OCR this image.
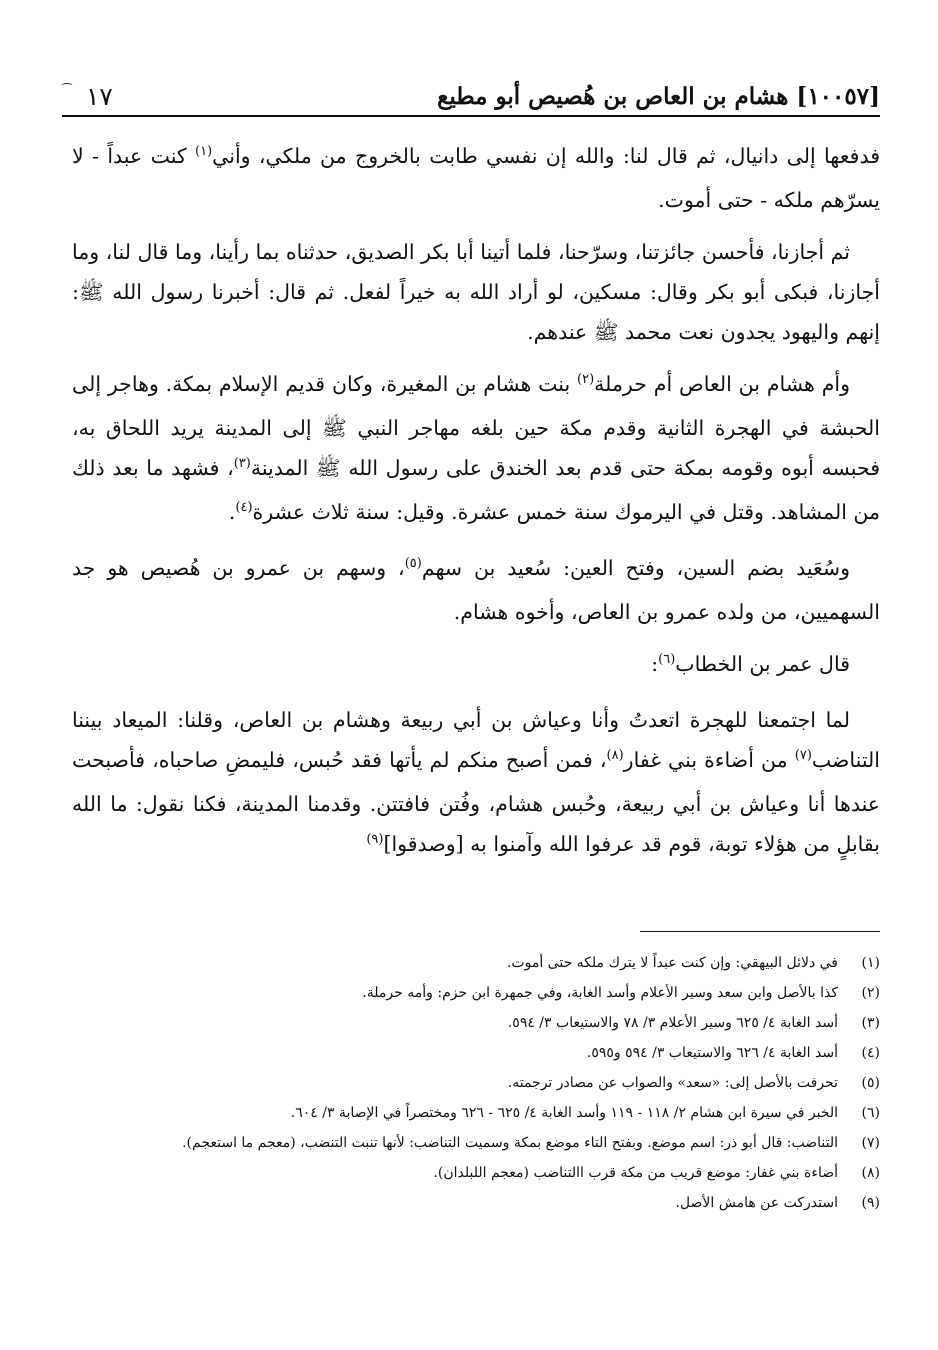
[١٠٠٥٧] هشام بن العاص بن هُصيص أبو مطيع
١٧
⁀

فدفعها إلى دانيال، ثم قال لنا: والله إن نفسي طابت بالخروج من ملكي، وأني$^{(١)}$ كنت عبداً - لا يسرّهم ملكه - حتى أموت.

ثم أجازنا، فأحسن جائزتنا، وسرّحنا، فلما أتينا أبا بكر الصديق، حدثناه بما رأينا، وما قال لنا، وما أجازنا، فبكى أبو بكر وقال: مسكين، لو أراد الله به خيراً لفعل. ثم قال: أخبرنا رسول الله ﷺ: إنهم واليهود يجدون نعت محمد ﷺ عندهم.

وأم هشام بن العاص أم حرملة$^{(٢)}$ بنت هشام بن المغيرة، وكان قديم الإسلام بمكة. وهاجر إلى الحبشة في الهجرة الثانية وقدم مكة حين بلغه مهاجر النبي ﷺ إلى المدينة يريد اللحاق به، فحبسه أبوه وقومه بمكة حتى قدم بعد الخندق على رسول الله ﷺ المدينة$^{(٣)}$، فشهد ما بعد ذلك من المشاهد. وقتل في اليرموك سنة خمس عشرة. وقيل: سنة ثلاث عشرة$^{(٤)}$.

وسُعَيد بضم السين، وفتح العين: سُعيد بن سهم$^{(٥)}$، وسهم بن عمرو بن هُصيص هو جد السهميين، من ولده عمرو بن العاص، وأخوه هشام.

قال عمر بن الخطاب$^{(٦)}$:

لما اجتمعنا للهجرة اتعدتُ وأنا وعياش بن أبي ربيعة وهشام بن العاص، وقلنا: الميعاد بيننا التناضب$^{(٧)}$ من أضاءة بني غفار$^{(٨)}$، فمن أصبح منكم لم يأتها فقد حُبس، فليمضِ صاحباه، فأصبحت عندها أنا وعياش بن أبي ربيعة، وحُبس هشام، وفُتن فافتتن. وقدمنا المدينة، فكنا نقول: ما الله بقابلٍ من هؤلاء توبة، قوم قد عرفوا الله وآمنوا به [وصدقوا]$^{(٩)}$

(١)
في دلائل البيهقي: وإن كنت عبداً لا يترك ملكه حتى أموت.
(٢)
كذا بالأصل وابن سعد وسير الأعلام وأسد الغابة، وفي جمهرة ابن حزم: وأمه حرملة.
(٣)
أسد الغابة ٤/ ٦٢٥ وسير الأعلام ٣/ ٧٨ والاستيعاب ٣/ ٥٩٤.
(٤)
أسد الغابة ٤/ ٦٢٦ والاستيعاب ٣/ ٥٩٤ و٥٩٥.
(٥)
تحرفت بالأصل إلى: «سعد» والصواب عن مصادر ترجمته.
(٦)
الخبر في سيرة ابن هشام ٢/ ١١٨ - ١١٩ وأسد الغابة ٤/ ٦٢٥ - ٦٢٦ ومختصراً في الإصابة ٣/ ٦٠٤.
(٧)
التناضب: قال أبو ذر: اسم موضع. وبفتح التاء موضع بمكة وسميت التناضب: لأنها تنبت التنضب، (معجم ما استعجم).
(٨)
أضاءة بني غفار: موضع قريب من مكة قرب االتناضب (معجم اللبلدان).
(٩)
استدركت عن هامش الأصل.
